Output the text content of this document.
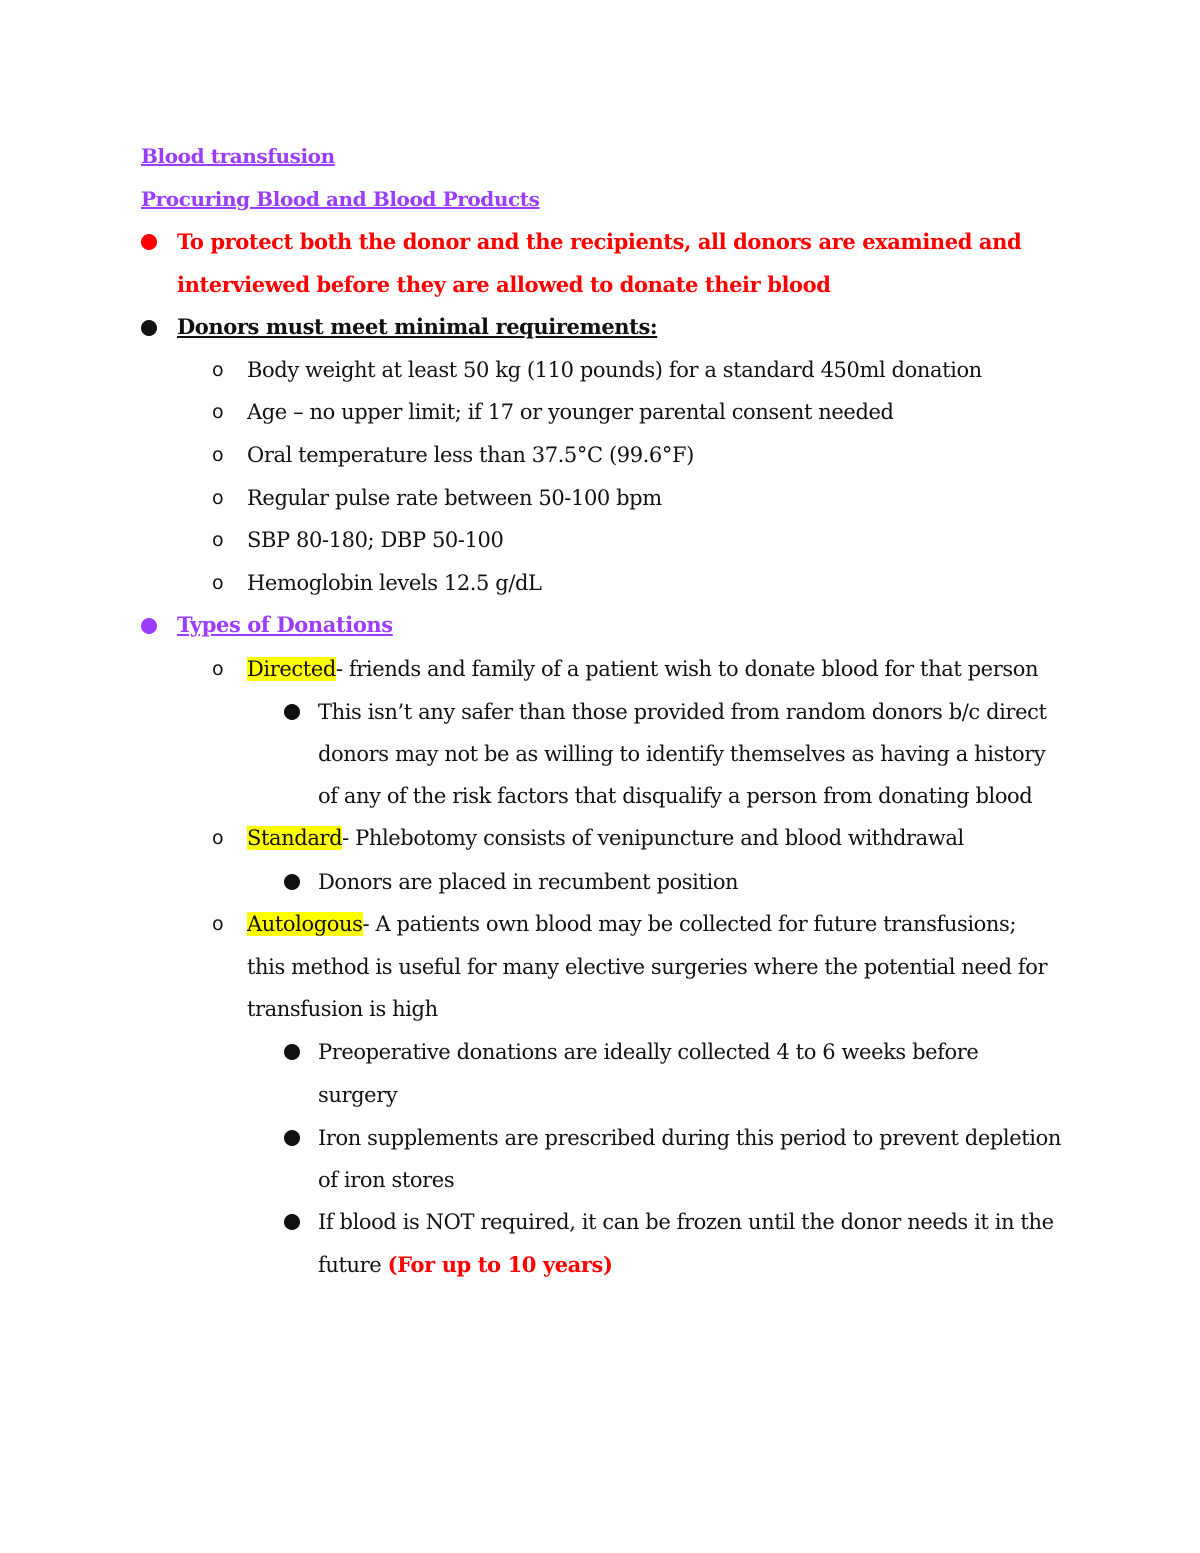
Blood transfusion
Procuring Blood and Blood Products
To protect both the donor and the recipients, all donors are examined and
interviewed before they are allowed to donate their blood
Donors must meet minimal requirements:
o Body weight at least 50 kg (110 pounds) for a standard 450ml donation
o Age – no upper limit; if 17 or younger parental consent needed
o Oral temperature less than 37.5°C (99.6°F)
o Regular pulse rate between 50-100 bpm
o SBP 80-180; DBP 50-100
o Hemoglobin levels 12.5 g/dL
Types of Donations
o Directed- friends and family of a patient wish to donate blood for that person
This isn’t any safer than those provided from random donors b/c direct
donors may not be as willing to identify themselves as having a history
of any of the risk factors that disqualify a person from donating blood
o Standard- Phlebotomy consists of venipuncture and blood withdrawal
Donors are placed in recumbent position
o Autologous- A patients own blood may be collected for future transfusions;
this method is useful for many elective surgeries where the potential need for
transfusion is high
Preoperative donations are ideally collected 4 to 6 weeks before
surgery
Iron supplements are prescribed during this period to prevent depletion
of iron stores
If blood is NOT required, it can be frozen until the donor needs it in the
future (For up to 10 years)
